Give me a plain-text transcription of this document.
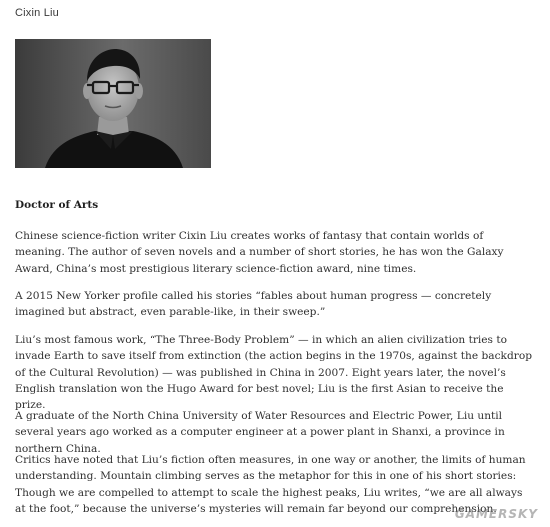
Cixin Liu
Doctor of Arts

Chinese science-fiction writer Cixin Liu creates works of fantasy that contain worlds of meaning. The author of seven novels and a number of short stories, he has won the Galaxy Award, China’s most prestigious literary science-fiction award, nine times.

A 2015 New Yorker profile called his stories “fables about human progress — concretely imagined but abstract, even parable-like, in their sweep.”

Liu’s most famous work, “The Three-Body Problem” — in which an alien civilization tries to invade Earth to save itself from extinction (the action begins in the 1970s, against the backdrop of the Cultural Revolution) — was published in China in 2007. Eight years later, the novel’s English translation won the Hugo Award for best novel; Liu is the first Asian to receive the prize.

A graduate of the North China University of Water Resources and Electric Power, Liu until several years ago worked as a computer engineer at a power plant in Shanxi, a province in northern China.

Critics have noted that Liu’s fiction often measures, in one way or another, the limits of human understanding. Mountain climbing serves as the metaphor for this in one of his short stories: Though we are compelled to attempt to scale the highest peaks, Liu writes, “we are all always at the foot,” because the universe’s mysteries will remain far beyond our comprehension.

GAMERSKY
